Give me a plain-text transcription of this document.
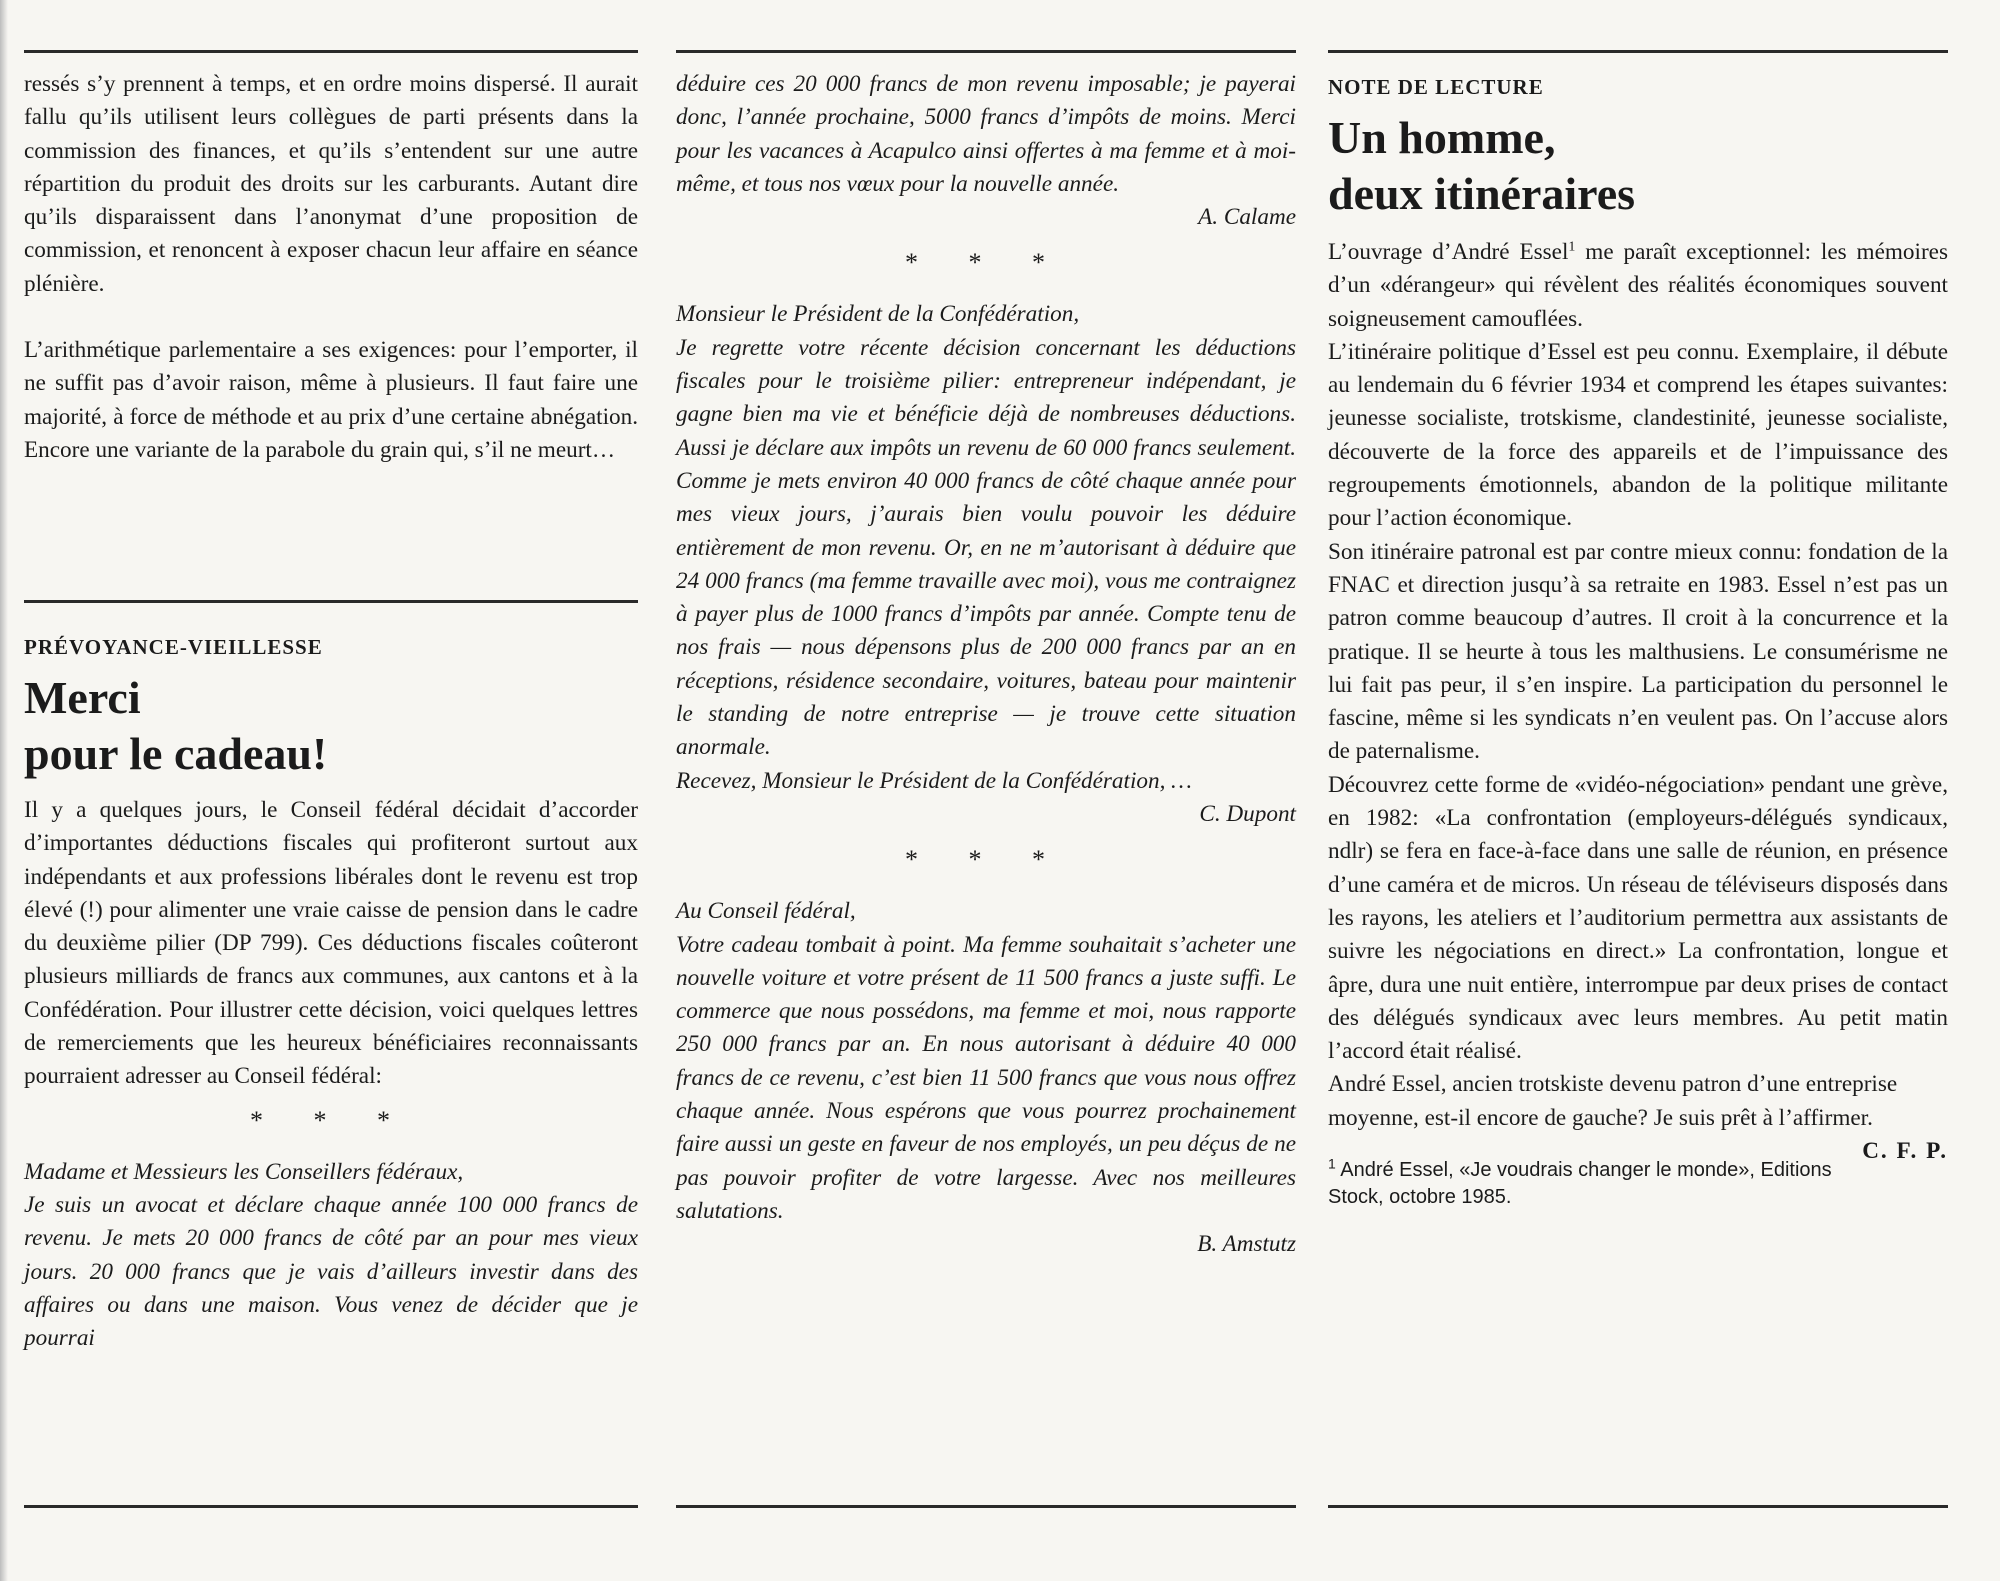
ressés s’y prennent à temps, et en ordre moins dispersé. Il aurait fallu qu’ils utilisent leurs collègues de parti présents dans la commission des finances, et qu’ils s’entendent sur une autre répartition du produit des droits sur les carburants. Autant dire qu’ils disparaissent dans l’anonymat d’une proposition de commission, et renoncent à exposer chacun leur affaire en séance plénière.

L’arithmétique parlementaire a ses exigences: pour l’emporter, il ne suffit pas d’avoir raison, même à plusieurs. Il faut faire une majorité, à force de méthode et au prix d’une certaine abnégation. Encore une variante de la parabole du grain qui, s’il ne meurt…

PRÉVOYANCE-VIEILLESSE

Merci
pour le cadeau!

Il y a quelques jours, le Conseil fédéral décidait d’accorder d’importantes déductions fiscales qui profiteront surtout aux indépendants et aux professions libérales dont le revenu est trop élevé (!) pour alimenter une vraie caisse de pension dans le cadre du deuxième pilier (DP 799). Ces déductions fiscales coûteront plusieurs milliards de francs aux communes, aux cantons et à la Confédération. Pour illustrer cette décision, voici quelques lettres de remerciements que les heureux bénéficiaires reconnaissants pourraient adresser au Conseil fédéral:

* * *

Madame et Messieurs les Conseillers fédéraux,

Je suis un avocat et déclare chaque année 100 000 francs de revenu. Je mets 20 000 francs de côté par an pour mes vieux jours. 20 000 francs que je vais d’ailleurs investir dans des affaires ou dans une maison. Vous venez de décider que je pourrai

déduire ces 20 000 francs de mon revenu imposable; je payerai donc, l’année prochaine, 5000 francs d’impôts de moins. Merci pour les vacances à Acapulco ainsi offertes à ma femme et à moi-même, et tous nos vœux pour la nouvelle année.

A. Calame

* * *

Monsieur le Président de la Confédération,

Je regrette votre récente décision concernant les déductions fiscales pour le troisième pilier: entrepreneur indépendant, je gagne bien ma vie et bénéficie déjà de nombreuses déductions. Aussi je déclare aux impôts un revenu de 60 000 francs seulement. Comme je mets environ 40 000 francs de côté chaque année pour mes vieux jours, j’aurais bien voulu pouvoir les déduire entièrement de mon revenu. Or, en ne m’autorisant à déduire que 24 000 francs (ma femme travaille avec moi), vous me contraignez à payer plus de 1000 francs d’impôts par année. Compte tenu de nos frais — nous dépensons plus de 200 000 francs par an en réceptions, résidence secondaire, voitures, bateau pour maintenir le standing de notre entreprise — je trouve cette situation anormale.

Recevez, Monsieur le Président de la Confédération, …

C. Dupont

* * *

Au Conseil fédéral,

Votre cadeau tombait à point. Ma femme souhaitait s’acheter une nouvelle voiture et votre présent de 11 500 francs a juste suffi. Le commerce que nous possédons, ma femme et moi, nous rapporte 250 000 francs par an. En nous autorisant à déduire 40 000 francs de ce revenu, c’est bien 11 500 francs que vous nous offrez chaque année. Nous espérons que vous pourrez prochainement faire aussi un geste en faveur de nos employés, un peu déçus de ne pas pouvoir profiter de votre largesse. Avec nos meilleures salutations.

B. Amstutz

NOTE DE LECTURE

Un homme,
deux itinéraires

L’ouvrage d’André Essel$^1$ me paraît exceptionnel: les mémoires d’un «dérangeur» qui révèlent des réalités économiques souvent soigneusement camouflées.

L’itinéraire politique d’Essel est peu connu. Exemplaire, il débute au lendemain du 6 février 1934 et comprend les étapes suivantes: jeunesse socialiste, trotskisme, clandestinité, jeunesse socialiste, découverte de la force des appareils et de l’impuissance des regroupements émotionnels, abandon de la politique militante pour l’action économique.

Son itinéraire patronal est par contre mieux connu: fondation de la FNAC et direction jusqu’à sa retraite en 1983. Essel n’est pas un patron comme beaucoup d’autres. Il croit à la concurrence et la pratique. Il se heurte à tous les malthusiens. Le consumérisme ne lui fait pas peur, il s’en inspire. La participation du personnel le fascine, même si les syndicats n’en veulent pas. On l’accuse alors de paternalisme.

Découvrez cette forme de «vidéo-négociation» pendant une grève, en 1982: «La confrontation (employeurs-délégués syndicaux, ndlr) se fera en face-à-face dans une salle de réunion, en présence d’une caméra et de micros. Un réseau de téléviseurs disposés dans les rayons, les ateliers et l’auditorium permettra aux assistants de suivre les négociations en direct.» La confrontation, longue et âpre, dura une nuit entière, interrompue par deux prises de contact des délégués syndicaux avec leurs membres. Au petit matin l’accord était réalisé.

André Essel, ancien trotskiste devenu patron d’une entreprise moyenne, est-il encore de gauche? Je suis prêt à l’affirmer.
C. F. P.

$^1$ André Essel, «Je voudrais changer le monde», Editions Stock, octobre 1985.
